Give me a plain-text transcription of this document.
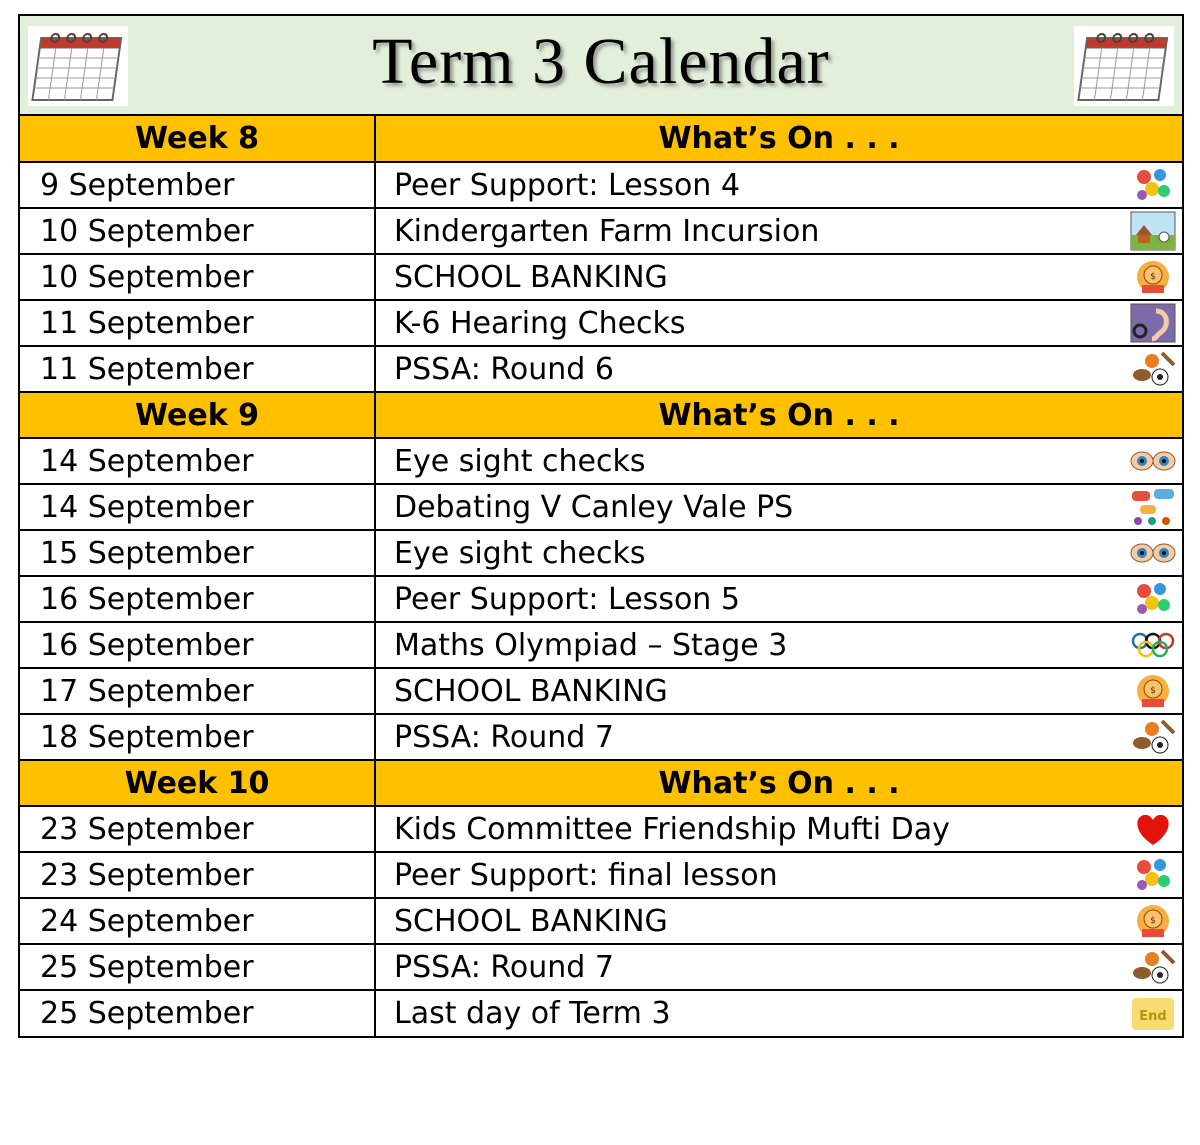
Term 3 Calendar
Week 8	What’s On . . .
9 September	Peer Support: Lesson 4

10 September	Kindergarten Farm Incursion

10 September	SCHOOL BANKING $

11 September	K-6 Hearing Checks

11 September	PSSA: Round 6

Week 9	What’s On . . .
14 September	Eye sight checks

14 September	Debating V Canley Vale PS

15 September	Eye sight checks

16 September	Peer Support: Lesson 5

16 September	Maths Olympiad – Stage 3

17 September	SCHOOL BANKING $

18 September	PSSA: Round 7

Week 10	What’s On . . .
23 September	Kids Committee Friendship Mufti Day

23 September	Peer Support: final lesson

24 September	SCHOOL BANKING $

25 September	PSSA: Round 7

25 September	Last day of Term 3 End
